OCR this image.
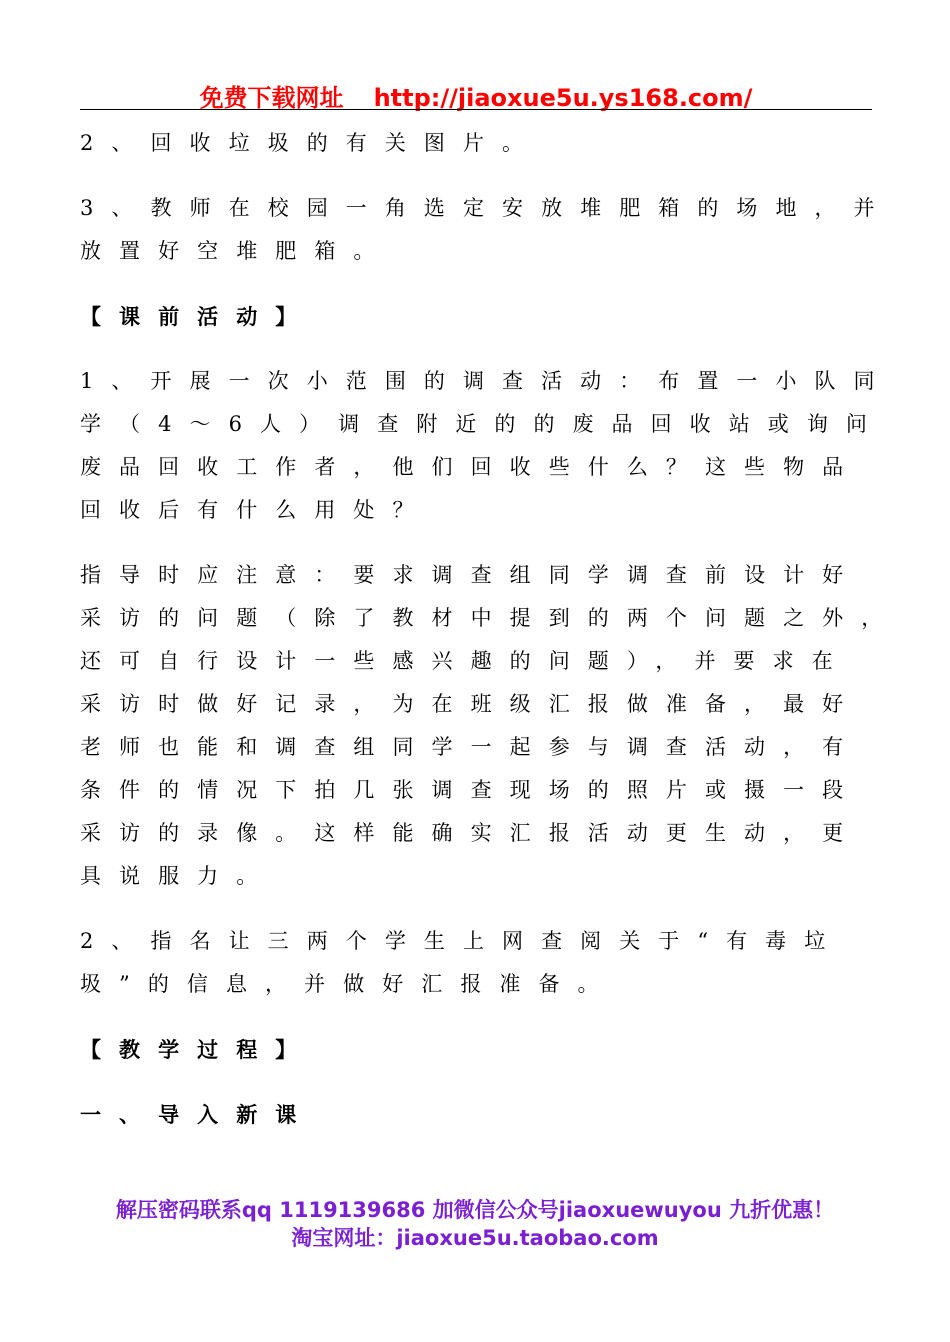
免费下载网址 http://jiaoxue5u.ys168.com/
2、回收垃圾的有关图片。
3、教师在校园一角选定安放堆肥箱的场地，并
放置好空堆肥箱。
【课前活动】
1、开展一次小范围的调查活动：布置一小队同
学（4～6人）调查附近的的废品回收站或询问
废品回收工作者，他们回收些什么？这些物品
回收后有什么用处？
指导时应注意：要求调查组同学调查前设计好
采访的问题（除了教材中提到的两个问题之外，
还可自行设计一些感兴趣的问题），并要求在
采访时做好记录，为在班级汇报做准备，最好
老师也能和调查组同学一起参与调查活动，有
条件的情况下拍几张调查现场的照片或摄一段
采访的录像。这样能确实汇报活动更生动，更
具说服力。
2、指名让三两个学生上网查阅关于“有毒垃
圾”的信息，并做好汇报准备。
【教学过程】
一、导入新课
解压密码联系qq 1119139686 加微信公众号jiaoxuewuyou 九折优惠！
淘宝网址：jiaoxue5u.taobao.com
